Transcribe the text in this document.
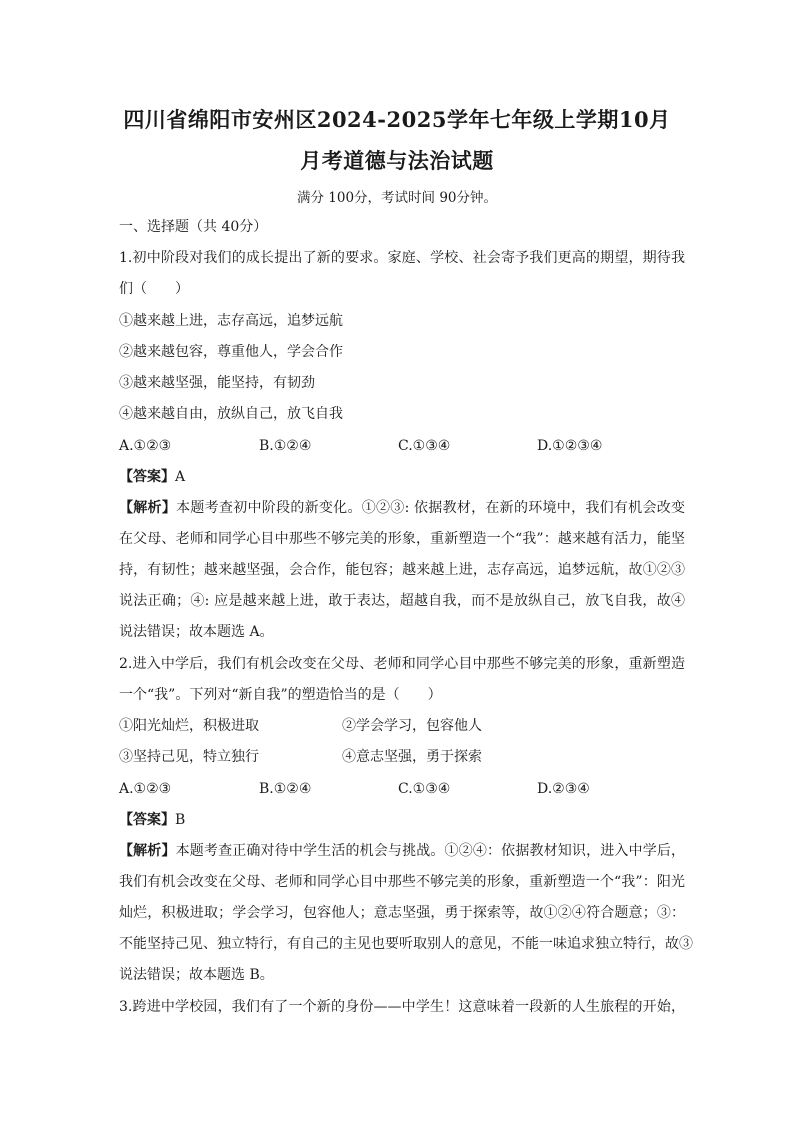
四川省绵阳市安州区2024-2025学年七年级上学期10月
月考道德与法治试题
满分 100分，考试时间 90分钟。
一、选择题（共 40分）
1.初中阶段对我们的成长提出了新的要求。家庭、学校、社会寄予我们更高的期望，期待我
们（　　）
①越来越上进，志存高远，追梦远航
②越来越包容，尊重他人，学会合作
③越来越坚强，能坚持，有韧劲
④越来越自由，放纵自己，放飞自我
A.①②③	B.①②④	C.①③④	D.①②③④
【答案】A
【解析】本题考查初中阶段的新变化。①②③: 依据教材，在新的环境中，我们有机会改变
在父母、老师和同学心目中那些不够完美的形象，重新塑造一个“我”：越来越有活力，能坚
持，有韧性；越来越坚强，会合作，能包容；越来越上进，志存高远，追梦远航，故①②③
说法正确；④: 应是越来越上进，敢于表达，超越自我，而不是放纵自己，放飞自我，故④
说法错误；故本题选 A。
2.进入中学后，我们有机会改变在父母、老师和同学心目中那些不够完美的形象，重新塑造
一个“我”。下列对“新自我”的塑造恰当的是（　　）
①阳光灿烂，积极进取	②学会学习，包容他人
③坚持己见，特立独行	④意志坚强，勇于探索
A.①②③	B.①②④	C.①③④	D.②③④
【答案】B
【解析】本题考查正确对待中学生活的机会与挑战。①②④：依据教材知识，进入中学后，
我们有机会改变在父母、老师和同学心目中那些不够完美的形象，重新塑造一个“我”：阳光
灿烂，积极进取；学会学习，包容他人；意志坚强，勇于探索等，故①②④符合题意；③：
不能坚持己见、独立特行，有自己的主见也要听取别人的意见，不能一味追求独立特行，故③
说法错误；故本题选 B。
3.跨进中学校园，我们有了一个新的身份——中学生！这意味着一段新的人生旅程的开始，
